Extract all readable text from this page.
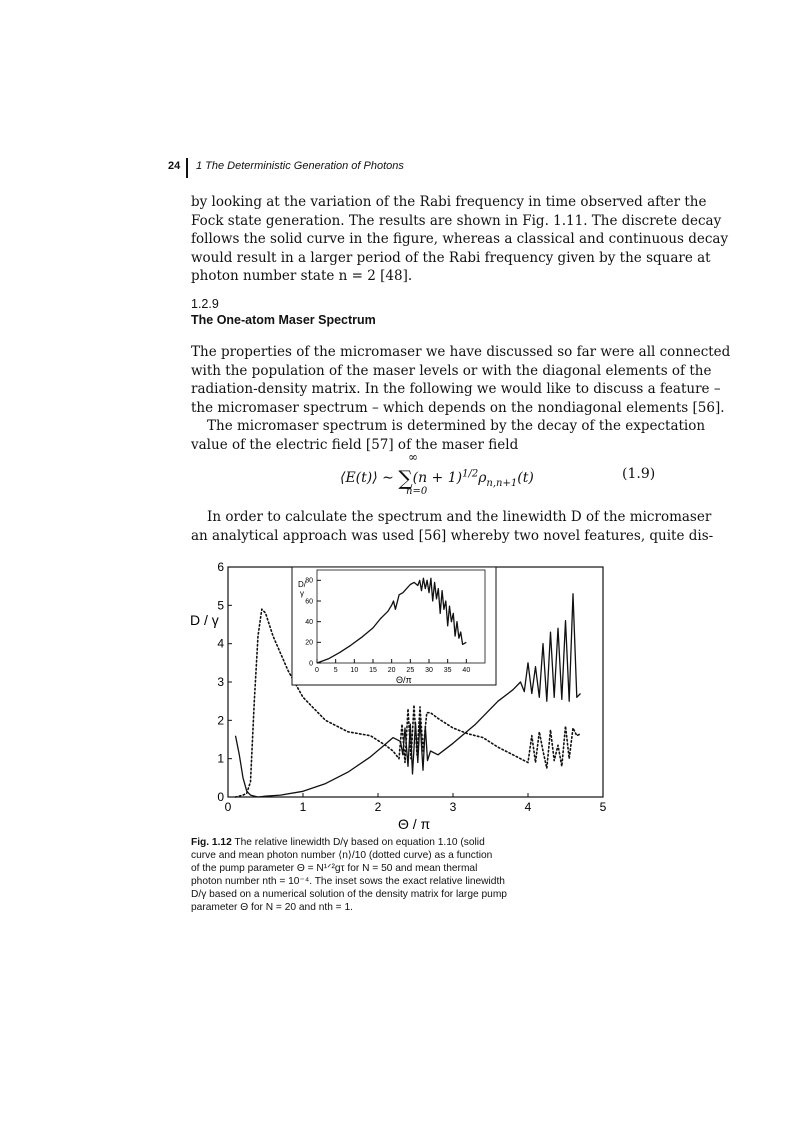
24 1 The Deterministic Generation of Photons
by looking at the variation of the Rabi frequency in time observed after the
Fock state generation. The results are shown in Fig. 1.11. The discrete decay
follows the solid curve in the figure, whereas a classical and continuous decay
would result in a larger period of the Rabi frequency given by the square at
photon number state n = 2 [48].
1.2.9
The One-atom Maser Spectrum
The properties of the micromaser we have discussed so far were all connected
with the population of the maser levels or with the diagonal elements of the
radiation-density matrix. In the following we would like to discuss a feature –
the micromaser spectrum – which depends on the nondiagonal elements [56].
The micromaser spectrum is determined by the decay of the expectation
value of the electric field [57] of the maser field
⟨E(t)⟩ ∼ $\sum(n + 1)^{1/2}\rho_{n,n+1}(t)$
∞
n=0
(1.9)
In order to calculate the spectrum and the linewidth D of the micromaser
an analytical approach was used [56] whereby two novel features, quite dis-
0	1	2	3	4	5
0
1
2
3
4
5
6
0 5 10 15 20 25 30 35 40
0
20
40
60
80
D / γ
Θ / π
D/
γ
Θ/π
Fig. 1.12 The relative linewidth D/γ based on equation 1.10 (solid
curve and mean photon number ⟨n⟩/10 (dotted curve) as a function
of the pump parameter Θ = N¹ᐟ²gτ for N = 50 and mean thermal
photon number nth = 10⁻⁴. The inset sows the exact relative linewidth
D/γ based on a numerical solution of the density matrix for large pump
parameter Θ for N = 20 and nth = 1.
